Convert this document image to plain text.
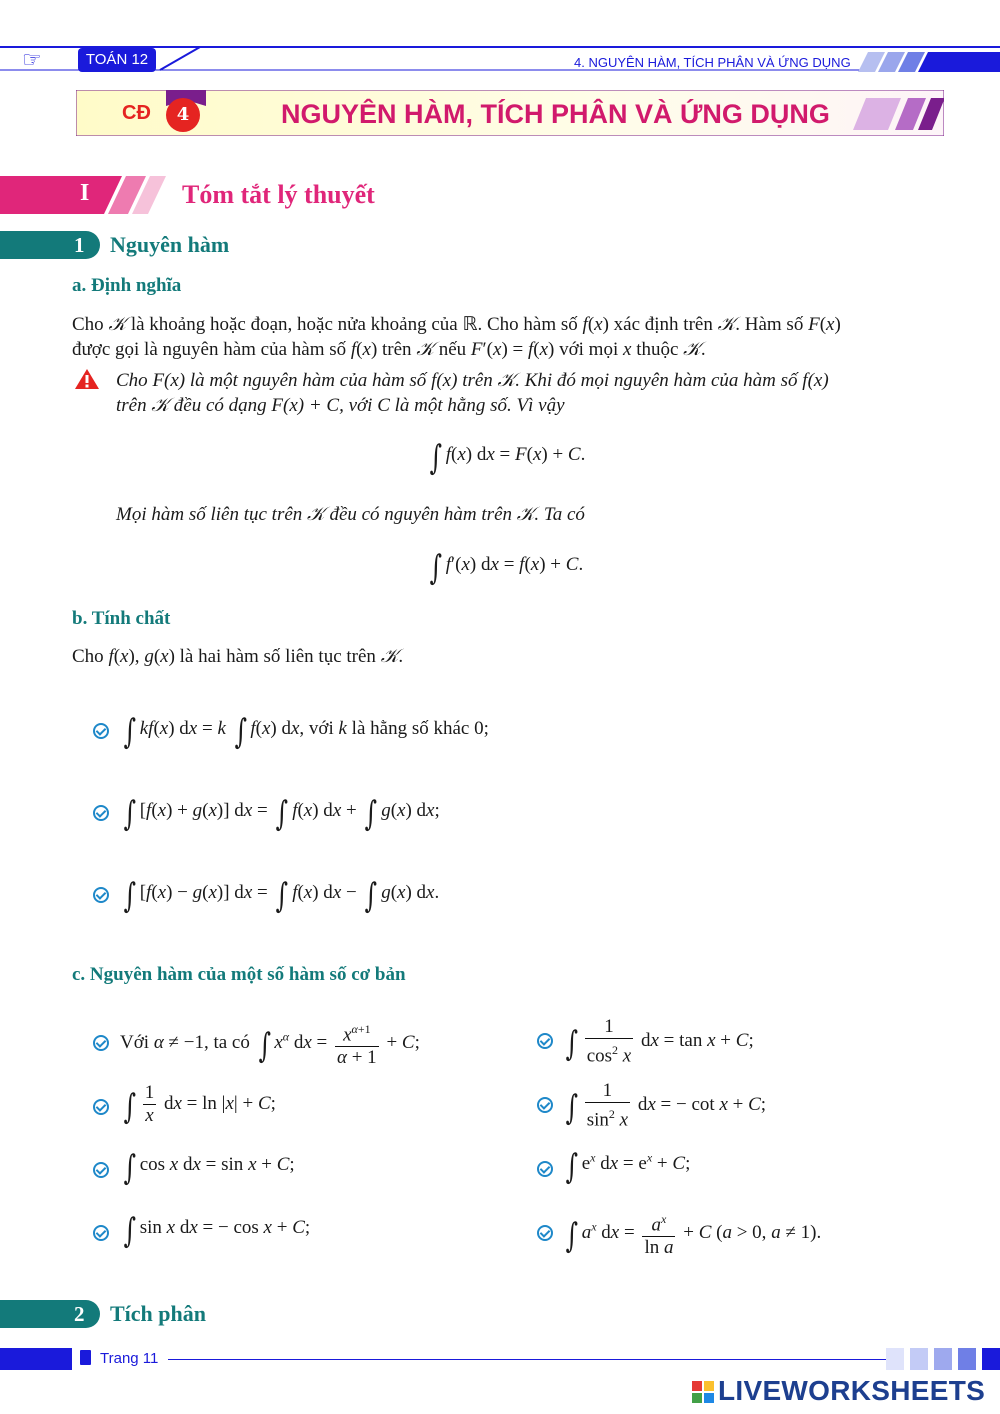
☞	TOÁN 12	4. NGUYÊN HÀM, TÍCH PHÂN VÀ ỨNG DỤNG
CĐ	4	NGUYÊN HÀM, TÍCH PHÂN VÀ ỨNG DỤNG
I	Tóm tắt lý thuyết
1 Nguyên hàm
a. Định nghĩa

Cho 𝒦 là khoảng hoặc đoạn, hoặc nửa khoảng của ℝ. Cho hàm số f(x) xác định trên 𝒦. Hàm số F(x)

được gọi là nguyên hàm của hàm số f(x) trên 𝒦 nếu F′(x) = f(x) với mọi x thuộc 𝒦.

Cho F(x) là một nguyên hàm của hàm số f(x) trên 𝒦. Khi đó mọi nguyên hàm của hàm số f(x)

trên 𝒦 đều có dạng F(x) + C, với C là một hằng số. Vì vậy

∫ f(x) dx = F(x) + C.
Mọi hàm số liên tục trên 𝒦 đều có nguyên hàm trên 𝒦. Ta có
∫ f′(x) dx = f(x) + C.
b. Tính chất
Cho f(x), g(x) là hai hàm số liên tục trên 𝒦.
∫ kf(x) dx = k ∫ f(x) dx, với k là hằng số khác 0;
∫ [f(x) + g(x)] dx = ∫ f(x) dx + ∫ g(x) dx;
∫ [f(x) − g(x)] dx = ∫ f(x) dx − ∫ g(x) dx.
c. Nguyên hàm của một số hàm số cơ bản
Với α ≠ −1, ta có ∫ $x^\alpha$ dx = $\frac{x^{\alpha+1}}{\alpha + 1} + C$;
∫ $\frac{1}{x}$ dx = ln |x| + C;
∫ cos x dx = sin x + C;
∫ sin x dx = − cos x + C;
∫ $\frac{1}{\cos^2 x}$ dx = tan x + C;
∫ $\frac{1}{\sin^2 x}$ dx = − cot x + C;
∫ $e^x$ dx = $e^x + C$;
∫ $a^x$ dx = $\frac{a^x}{\text{ln a}} + C$ (a > 0, a ≠ 1).
2 Tích phân
Trang 11
LIVEWORKSHEETS
